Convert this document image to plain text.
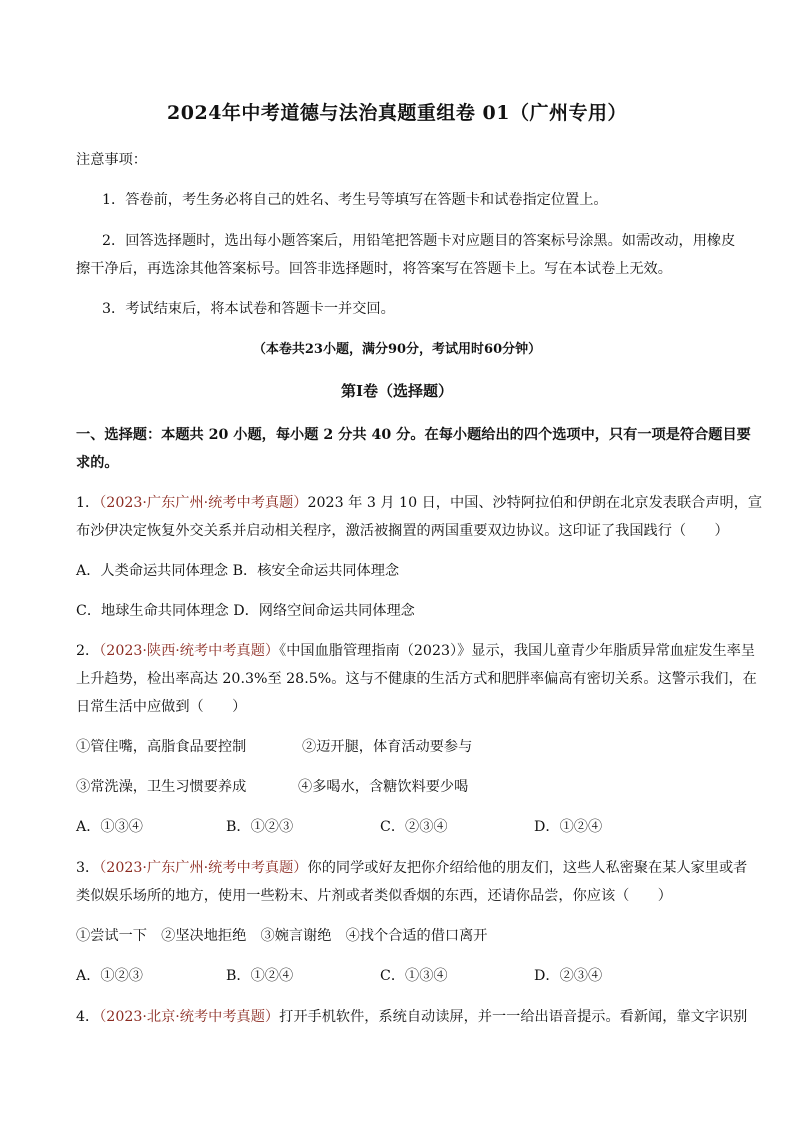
2024年中考道德与法治真题重组卷 01（广州专用）
注意事项：
1．答卷前，考生务必将自己的姓名、考生号等填写在答题卡和试卷指定位置上。
2．回答选择题时，选出每小题答案后，用铅笔把答题卡对应题目的答案标号涂黑。如需改动，用橡皮
擦干净后，再选涂其他答案标号。回答非选择题时，将答案写在答题卡上。写在本试卷上无效。
3．考试结束后，将本试卷和答题卡一并交回。
（本卷共23小题，满分90分，考试用时60分钟）
第Ⅰ卷（选择题）
一、选择题：本题共 20 小题，每小题 2 分共 40 分。在每小题给出的四个选项中，只有一项是符合题目要
求的。
1．（2023·广东广州·统考中考真题）2023 年 3 月 10 日，中国、沙特阿拉伯和伊朗在北京发表联合声明，宣
布沙伊决定恢复外交关系并启动相关程序，激活被搁置的两国重要双边协议。这印证了我国践行（　　）
A．人类命运共同体理念 B．核安全命运共同体理念
C．地球生命共同体理念 D．网络空间命运共同体理念
2．（2023·陕西·统考中考真题）《中国血脂管理指南（2023）》显示，我国儿童青少年脂质异常血症发生率呈
上升趋势，检出率高达 20.3%至 28.5%。这与不健康的生活方式和肥胖率偏高有密切关系。这警示我们，在
日常生活中应做到（　　）
①管住嘴，高脂食品要控制	②迈开腿，体育活动要参与
③常洗澡，卫生习惯要养成	④多喝水，含糖饮料要少喝
A．①③④	B．①②③	C．②③④	D．①②④
3．（2023·广东广州·统考中考真题）你的同学或好友把你介绍给他的朋友们，这些人私密聚在某人家里或者
类似娱乐场所的地方，使用一些粉末、片剂或者类似香烟的东西，还请你品尝，你应该（　　）
①尝试一下　②坚决地拒绝　③婉言谢绝　④找个合适的借口离开
A．①②③	B．①②④	C．①③④	D．②③④
4．（2023·北京·统考中考真题）打开手机软件，系统自动读屏，并一一给出语音提示。看新闻，靠文字识别
